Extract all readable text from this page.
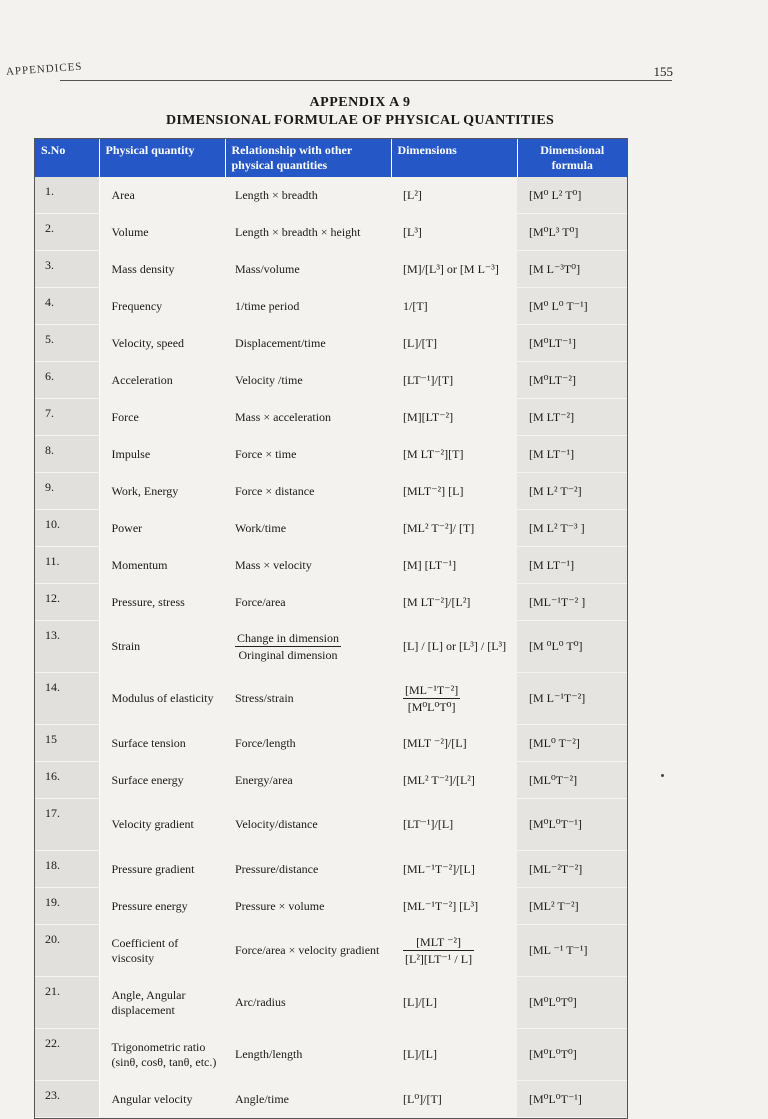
APPENDICES	155
APPENDIX A 9
DIMENSIONAL FORMULAE OF PHYSICAL QUANTITIES
S.No	Physical quantity	Relationship with other physical quantities	Dimensions	Dimensional formula
1.	Area	Length × breadth	[L²]	[M⁰ L² T⁰]
2.	Volume	Length × breadth × height	[L³]	[M⁰L³ T⁰]
3.	Mass density	Mass/volume	[M]/[L³] or [M L⁻³]	[M L⁻³T⁰]
4.	Frequency	1/time period	1/[T]	[M⁰ L⁰ T⁻¹]
5.	Velocity, speed	Displacement/time	[L]/[T]	[M⁰LT⁻¹]
6.	Acceleration	Velocity /time	[LT⁻¹]/[T]	[M⁰LT⁻²]
7.	Force	Mass × acceleration	[M][LT⁻²]	[M LT⁻²]
8.	Impulse	Force × time	[M LT⁻²][T]	[M LT⁻¹]
9.	Work, Energy	Force × distance	[MLT⁻²] [L]	[M L² T⁻²]
10.	Power	Work/time	[ML² T⁻²]/ [T]	[M L² T⁻³ ]
11.	Momentum	Mass × velocity	[M] [LT⁻¹]	[M LT⁻¹]
12.	Pressure, stress	Force/area	[M LT⁻²]/[L²]	[ML⁻¹T⁻² ]
13.	Strain	$\frac{\text{Change in dimension}}{\text{Oringinal dimension}}$	[L] / [L] or [L³] / [L³]	[M ⁰L⁰ T⁰]
14.	Modulus of elasticity	Stress/strain	$\frac{\text{[ML⁻¹T⁻²]}}{\text{[M⁰L⁰T⁰]}}$	[M L⁻¹T⁻²]
15	Surface tension	Force/length	[MLT ⁻²]/[L]	[ML⁰ T⁻²]
16.	Surface energy	Energy/area	[ML² T⁻²]/[L²]	[ML⁰T⁻²]
17.	Velocity gradient	Velocity/distance	[LT⁻¹]/[L]	[M⁰L⁰T⁻¹]
18.	Pressure gradient	Pressure/distance	[ML⁻¹T⁻²]/[L]	[ML⁻²T⁻²]
19.	Pressure energy	Pressure × volume	[ML⁻¹T⁻²] [L³]	[ML² T⁻²]
20.	Coefficient of viscosity	Force/area × velocity gradient	$\frac{\text{[MLT ⁻²]}}{\text{[L²][LT⁻¹ / L]}}$	[ML ⁻¹ T⁻¹]
21.	Angle, Angular displacement	Arc/radius	[L]/[L]	[M⁰L⁰T⁰]
22.	Trigonometric ratio (sinθ, cosθ, tanθ, etc.)	Length/length	[L]/[L]	[M⁰L⁰T⁰]
23.	Angular velocity	Angle/time	[L⁰]/[T]	[M⁰L⁰T⁻¹]
